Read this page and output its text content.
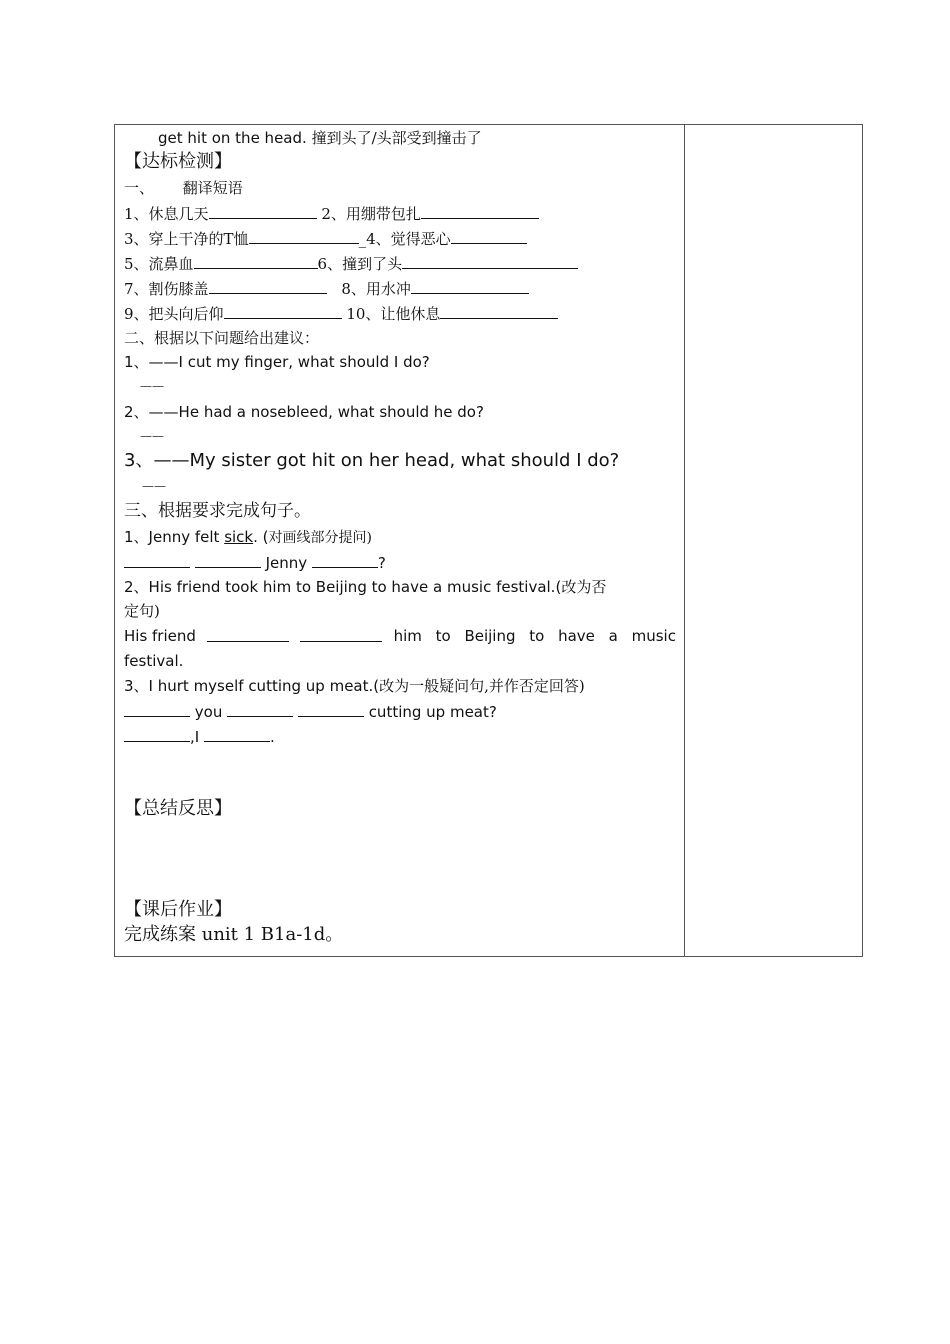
get hit on the head. 撞到头了/头部受到撞击了
【达标检测】
一、 翻译短语
1、休息几天	2、用绷带包扎
3、穿上干净的T恤	_4、觉得恶心
5、流鼻血	6、撞到了头
7、割伤膝盖	8、用水冲
9、把头向后仰	10、让他休息
二、根据以下问题给出建议：
1、——I cut my finger, what should I do?
——
2、——He had a nosebleed, what should he do?
——
3、——My sister got hit on her head, what should I do?
——
三、根据要求完成句子。
1、Jenny felt sick. (对画线部分提问)
Jenny	?
2、His friend took him to Beijing to have a music festival.(改为否
定句)
His friend	him to Beijing to have a music
festival.
3、I hurt myself cutting up meat.(改为一般疑问句,并作否定回答)
you	cutting up meat?
,I	.
【总结反思】
【课后作业】
完成练案 unit 1 B1a-1d。
